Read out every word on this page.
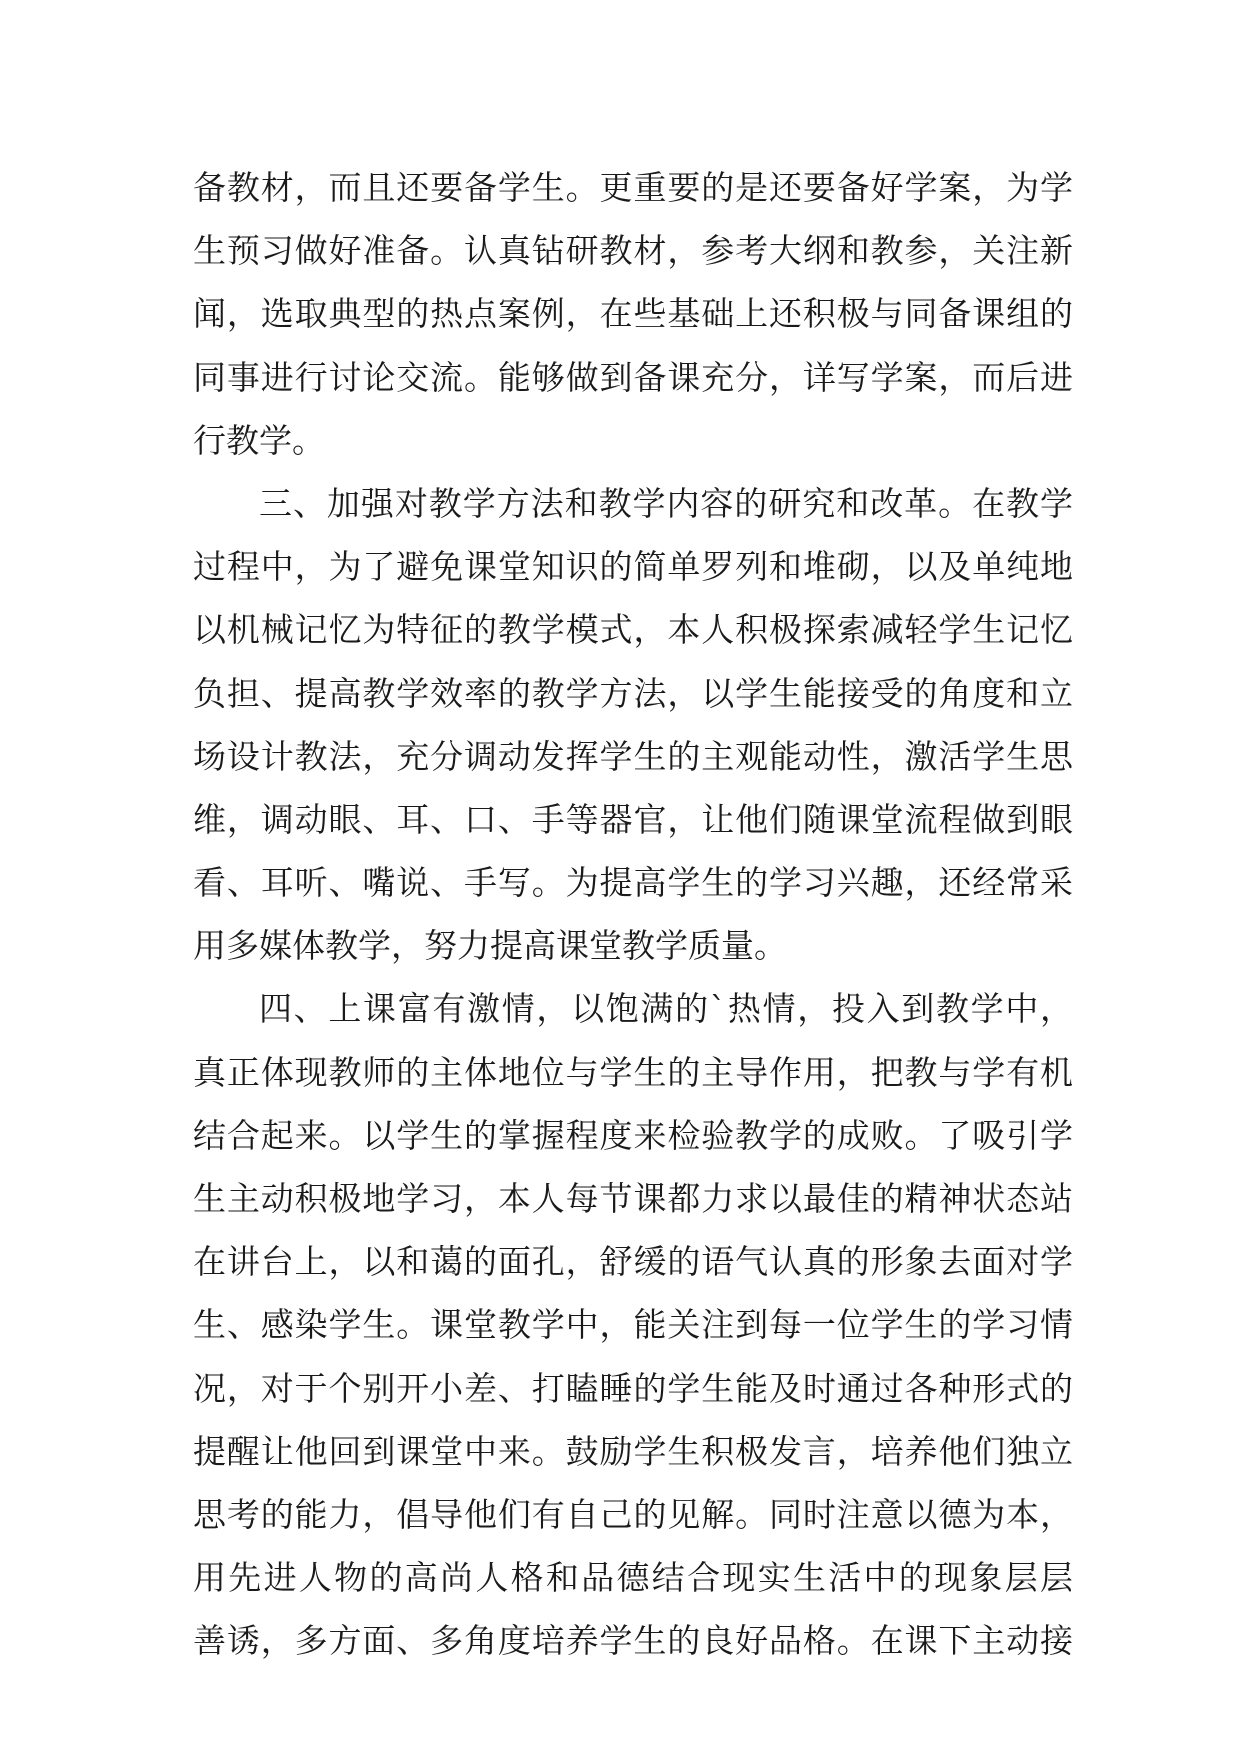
备教材，而且还要备学生。更重要的是还要备好学案，为学
生预习做好准备。认真钻研教材，参考大纲和教参，关注新
闻，选取典型的热点案例，在些基础上还积极与同备课组的
同事进行讨论交流。能够做到备课充分，详写学案，而后进
行教学。
三、加强对教学方法和教学内容的研究和改革。在教学
过程中，为了避免课堂知识的简单罗列和堆砌，以及单纯地
以机械记忆为特征的教学模式，本人积极探索减轻学生记忆
负担、提高教学效率的教学方法，以学生能接受的角度和立
场设计教法，充分调动发挥学生的主观能动性，激活学生思
维，调动眼、耳、口、手等器官，让他们随课堂流程做到眼
看、耳听、嘴说、手写。为提高学生的学习兴趣，还经常采
用多媒体教学，努力提高课堂教学质量。
四、上课富有激情，以饱满的`热情，投入到教学中，
真正体现教师的主体地位与学生的主导作用，把教与学有机
结合起来。以学生的掌握程度来检验教学的成败。了吸引学
生主动积极地学习，本人每节课都力求以最佳的精神状态站
在讲台上，以和蔼的面孔，舒缓的语气认真的形象去面对学
生、感染学生。课堂教学中，能关注到每一位学生的学习情
况，对于个别开小差、打瞌睡的学生能及时通过各种形式的
提醒让他回到课堂中来。鼓励学生积极发言，培养他们独立
思考的能力，倡导他们有自己的见解。同时注意以德为本，
用先进人物的高尚人格和品德结合现实生活中的现象层层
善诱，多方面、多角度培养学生的良好品格。在课下主动接
